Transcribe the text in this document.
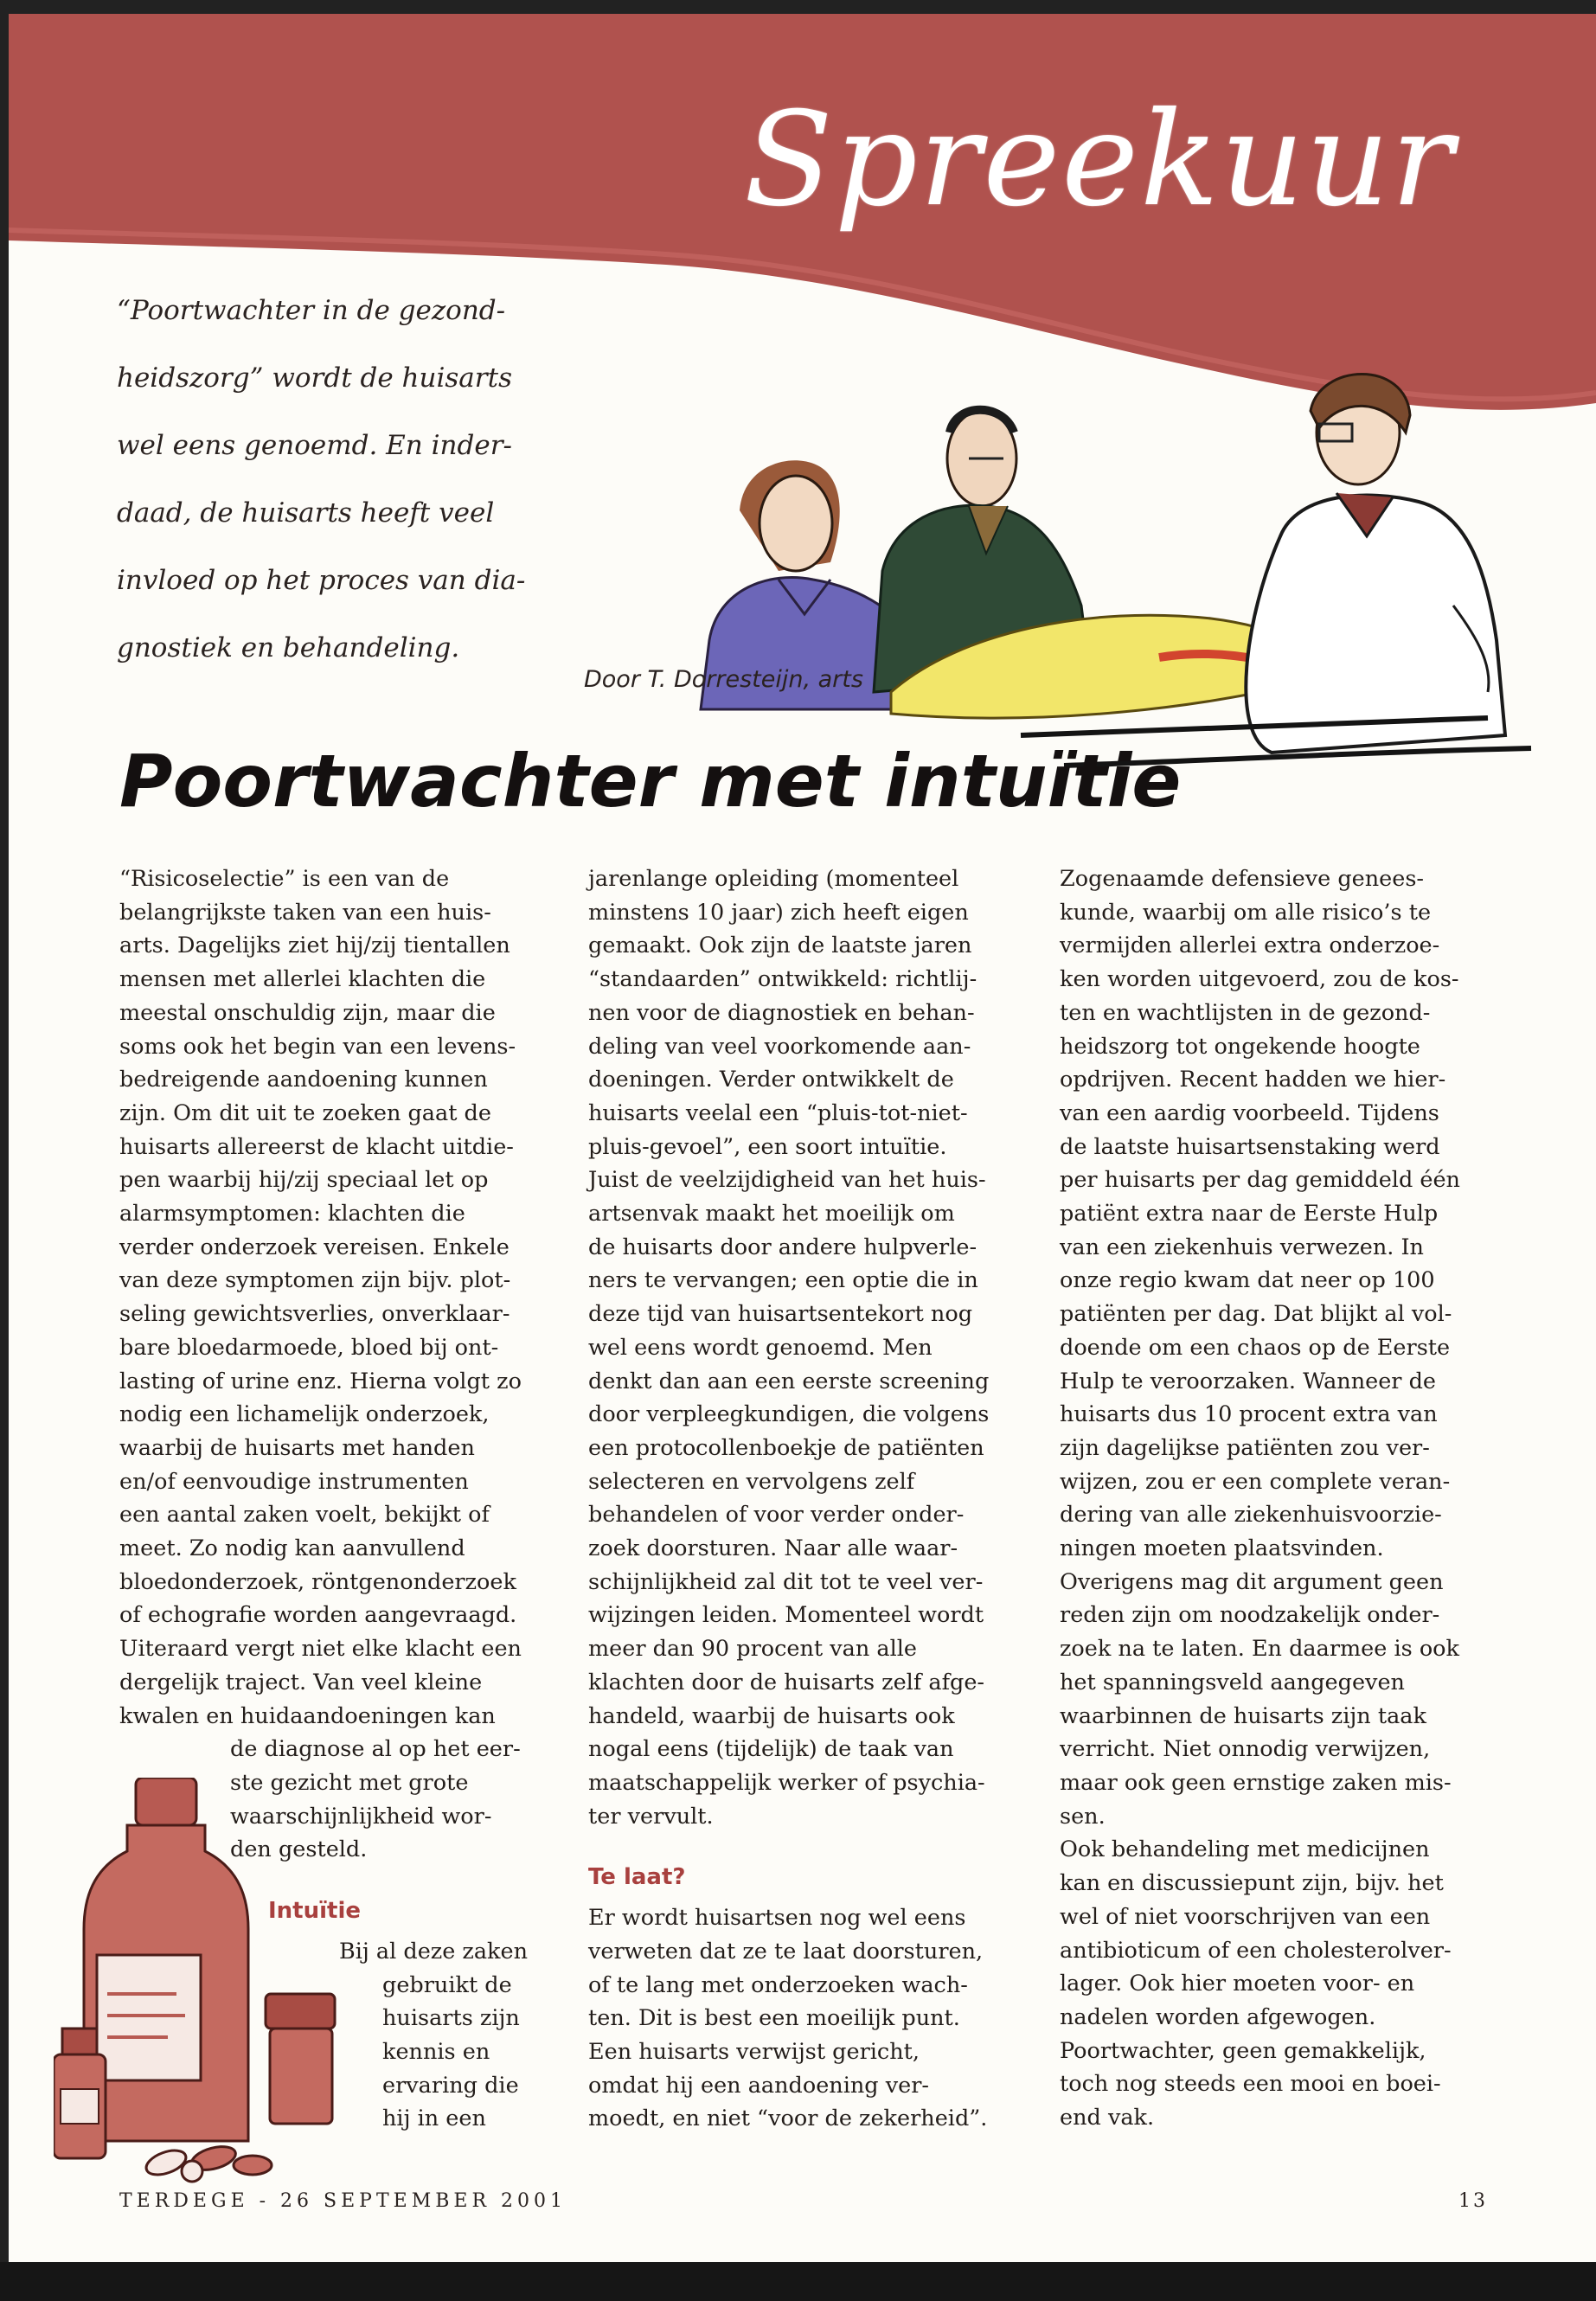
Spreekuur
“Poortwachter in de gezond-
heidszorg” wordt de huisarts
wel eens genoemd. En inder-
daad, de huisarts heeft veel
invloed op het proces van dia-
gnostiek en behandeling.
Door T. Dorresteijn, arts
Poortwachter met intuïtie
“Risicoselectie” is een van de
belangrijkste taken van een huis-
arts. Dagelijks ziet hij/zij tientallen
mensen met allerlei klachten die
meestal onschuldig zijn, maar die
soms ook het begin van een levens-
bedreigende aandoening kunnen
zijn. Om dit uit te zoeken gaat de
huisarts allereerst de klacht uitdie-
pen waarbij hij/zij speciaal let op
alarmsymptomen: klachten die
verder onderzoek vereisen. Enkele
van deze symptomen zijn bijv. plot-
seling gewichtsverlies, onverklaar-
bare bloedarmoede, bloed bij ont-
lasting of urine enz. Hierna volgt zo
nodig een lichamelijk onderzoek,
waarbij de huisarts met handen
en/of eenvoudige instrumenten
een aantal zaken voelt, bekijkt of
meet. Zo nodig kan aanvullend
bloedonderzoek, röntgenonderzoek
of echografie worden aangevraagd.
Uiteraard vergt niet elke klacht een
dergelijk traject. Van veel kleine
kwalen en huidaandoeningen kan
de diagnose al op het eer-
ste gezicht met grote
waarschijnlijkheid wor-
den gesteld.
Intuïtie
Bij al deze zaken
gebruikt de
huisarts zijn
kennis en
ervaring die
hij in een
jarenlange opleiding (momenteel
minstens 10 jaar) zich heeft eigen
gemaakt. Ook zijn de laatste jaren
“standaarden” ontwikkeld: richtlij-
nen voor de diagnostiek en behan-
deling van veel voorkomende aan-
doeningen. Verder ontwikkelt de
huisarts veelal een “pluis-tot-niet-
pluis-gevoel”, een soort intuïtie.
Juist de veelzijdigheid van het huis-
artsenvak maakt het moeilijk om
de huisarts door andere hulpverle-
ners te vervangen; een optie die in
deze tijd van huisartsentekort nog
wel eens wordt genoemd. Men
denkt dan aan een eerste screening
door verpleegkundigen, die volgens
een protocollenboekje de patiënten
selecteren en vervolgens zelf
behandelen of voor verder onder-
zoek doorsturen. Naar alle waar-
schijnlijkheid zal dit tot te veel ver-
wijzingen leiden. Momenteel wordt
meer dan 90 procent van alle
klachten door de huisarts zelf afge-
handeld, waarbij de huisarts ook
nogal eens (tijdelijk) de taak van
maatschappelijk werker of psychia-
ter vervult.
Te laat?
Er wordt huisartsen nog wel eens
verweten dat ze te laat doorsturen,
of te lang met onderzoeken wach-
ten. Dit is best een moeilijk punt.
Een huisarts verwijst gericht,
omdat hij een aandoening ver-
moedt, en niet “voor de zekerheid”.
Zogenaamde defensieve genees-
kunde, waarbij om alle risico’s te
vermijden allerlei extra onderzoe-
ken worden uitgevoerd, zou de kos-
ten en wachtlijsten in de gezond-
heidszorg tot ongekende hoogte
opdrijven. Recent hadden we hier-
van een aardig voorbeeld. Tijdens
de laatste huisartsenstaking werd
per huisarts per dag gemiddeld één
patiënt extra naar de Eerste Hulp
van een ziekenhuis verwezen. In
onze regio kwam dat neer op 100
patiënten per dag. Dat blijkt al vol-
doende om een chaos op de Eerste
Hulp te veroorzaken. Wanneer de
huisarts dus 10 procent extra van
zijn dagelijkse patiënten zou ver-
wijzen, zou er een complete veran-
dering van alle ziekenhuisvoorzie-
ningen moeten plaatsvinden.
Overigens mag dit argument geen
reden zijn om noodzakelijk onder-
zoek na te laten. En daarmee is ook
het spanningsveld aangegeven
waarbinnen de huisarts zijn taak
verricht. Niet onnodig verwijzen,
maar ook geen ernstige zaken mis-
sen.
Ook behandeling met medicijnen
kan en discussiepunt zijn, bijv. het
wel of niet voorschrijven van een
antibioticum of een cholesterolver-
lager. Ook hier moeten voor- en
nadelen worden afgewogen.
Poortwachter, geen gemakkelijk,
toch nog steeds een mooi en boei-
end vak.
TERDEGE - 26 SEPTEMBER 2001	13
